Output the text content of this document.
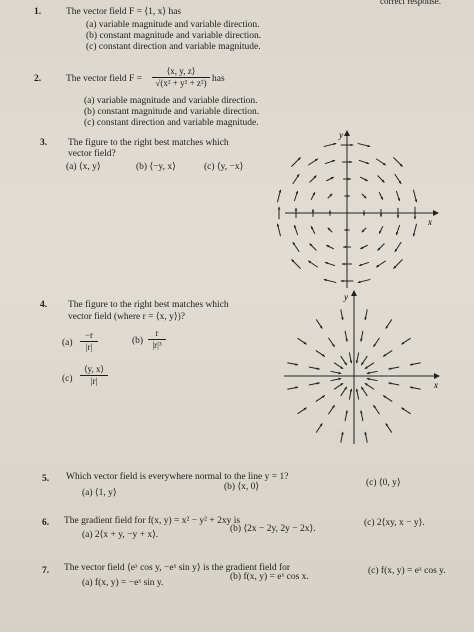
correct response.
1.	The vector field F = ⟨1, x⟩ has
(a) variable magnitude and variable direction.
(b) constant magnitude and variable direction.
(c) constant direction and variable magnitude.
2.	The vector field $F = \frac{⟨x, y, z⟩}{\text{√(x² + y² + z²)}}$ has
(a) variable magnitude and variable direction.
(b) constant magnitude and variable direction.
(c) constant direction and variable magnitude.
3. The figure to the right best matches which
vector field?
(a) ⟨x, y⟩	(b) ⟨−y, x⟩	(c) ⟨y, −x⟩
x
y
4. The figure to the right best matches which
vector field (where r = ⟨x, y⟩)?
$(a) \frac{-r}{|r|}$	$(b) \frac{r}{\text{|r|³}}$
$(c) \frac{⟨y, x⟩}{|r|}$	x
y
5. Which vector field is everywhere normal to the line y = 1?
(a) ⟨1, y⟩
(b) ⟨x, 0⟩	(c) ⟨0, y⟩
6. The gradient field for f(x, y) = x² − y² + 2xy is
(a) 2⟨x + y, −y + x⟩.
(b) ⟨2x − 2y, 2y − 2x⟩.
(c) 2⟨xy, x − y⟩.
7. The vector field ⟨eˣ cos y, −eˣ sin y⟩ is the gradient field for
(a) f(x, y) = −eˣ sin y.
(b) f(x, y) = eˣ cos x.
(c) f(x, y) = eˣ cos y.
